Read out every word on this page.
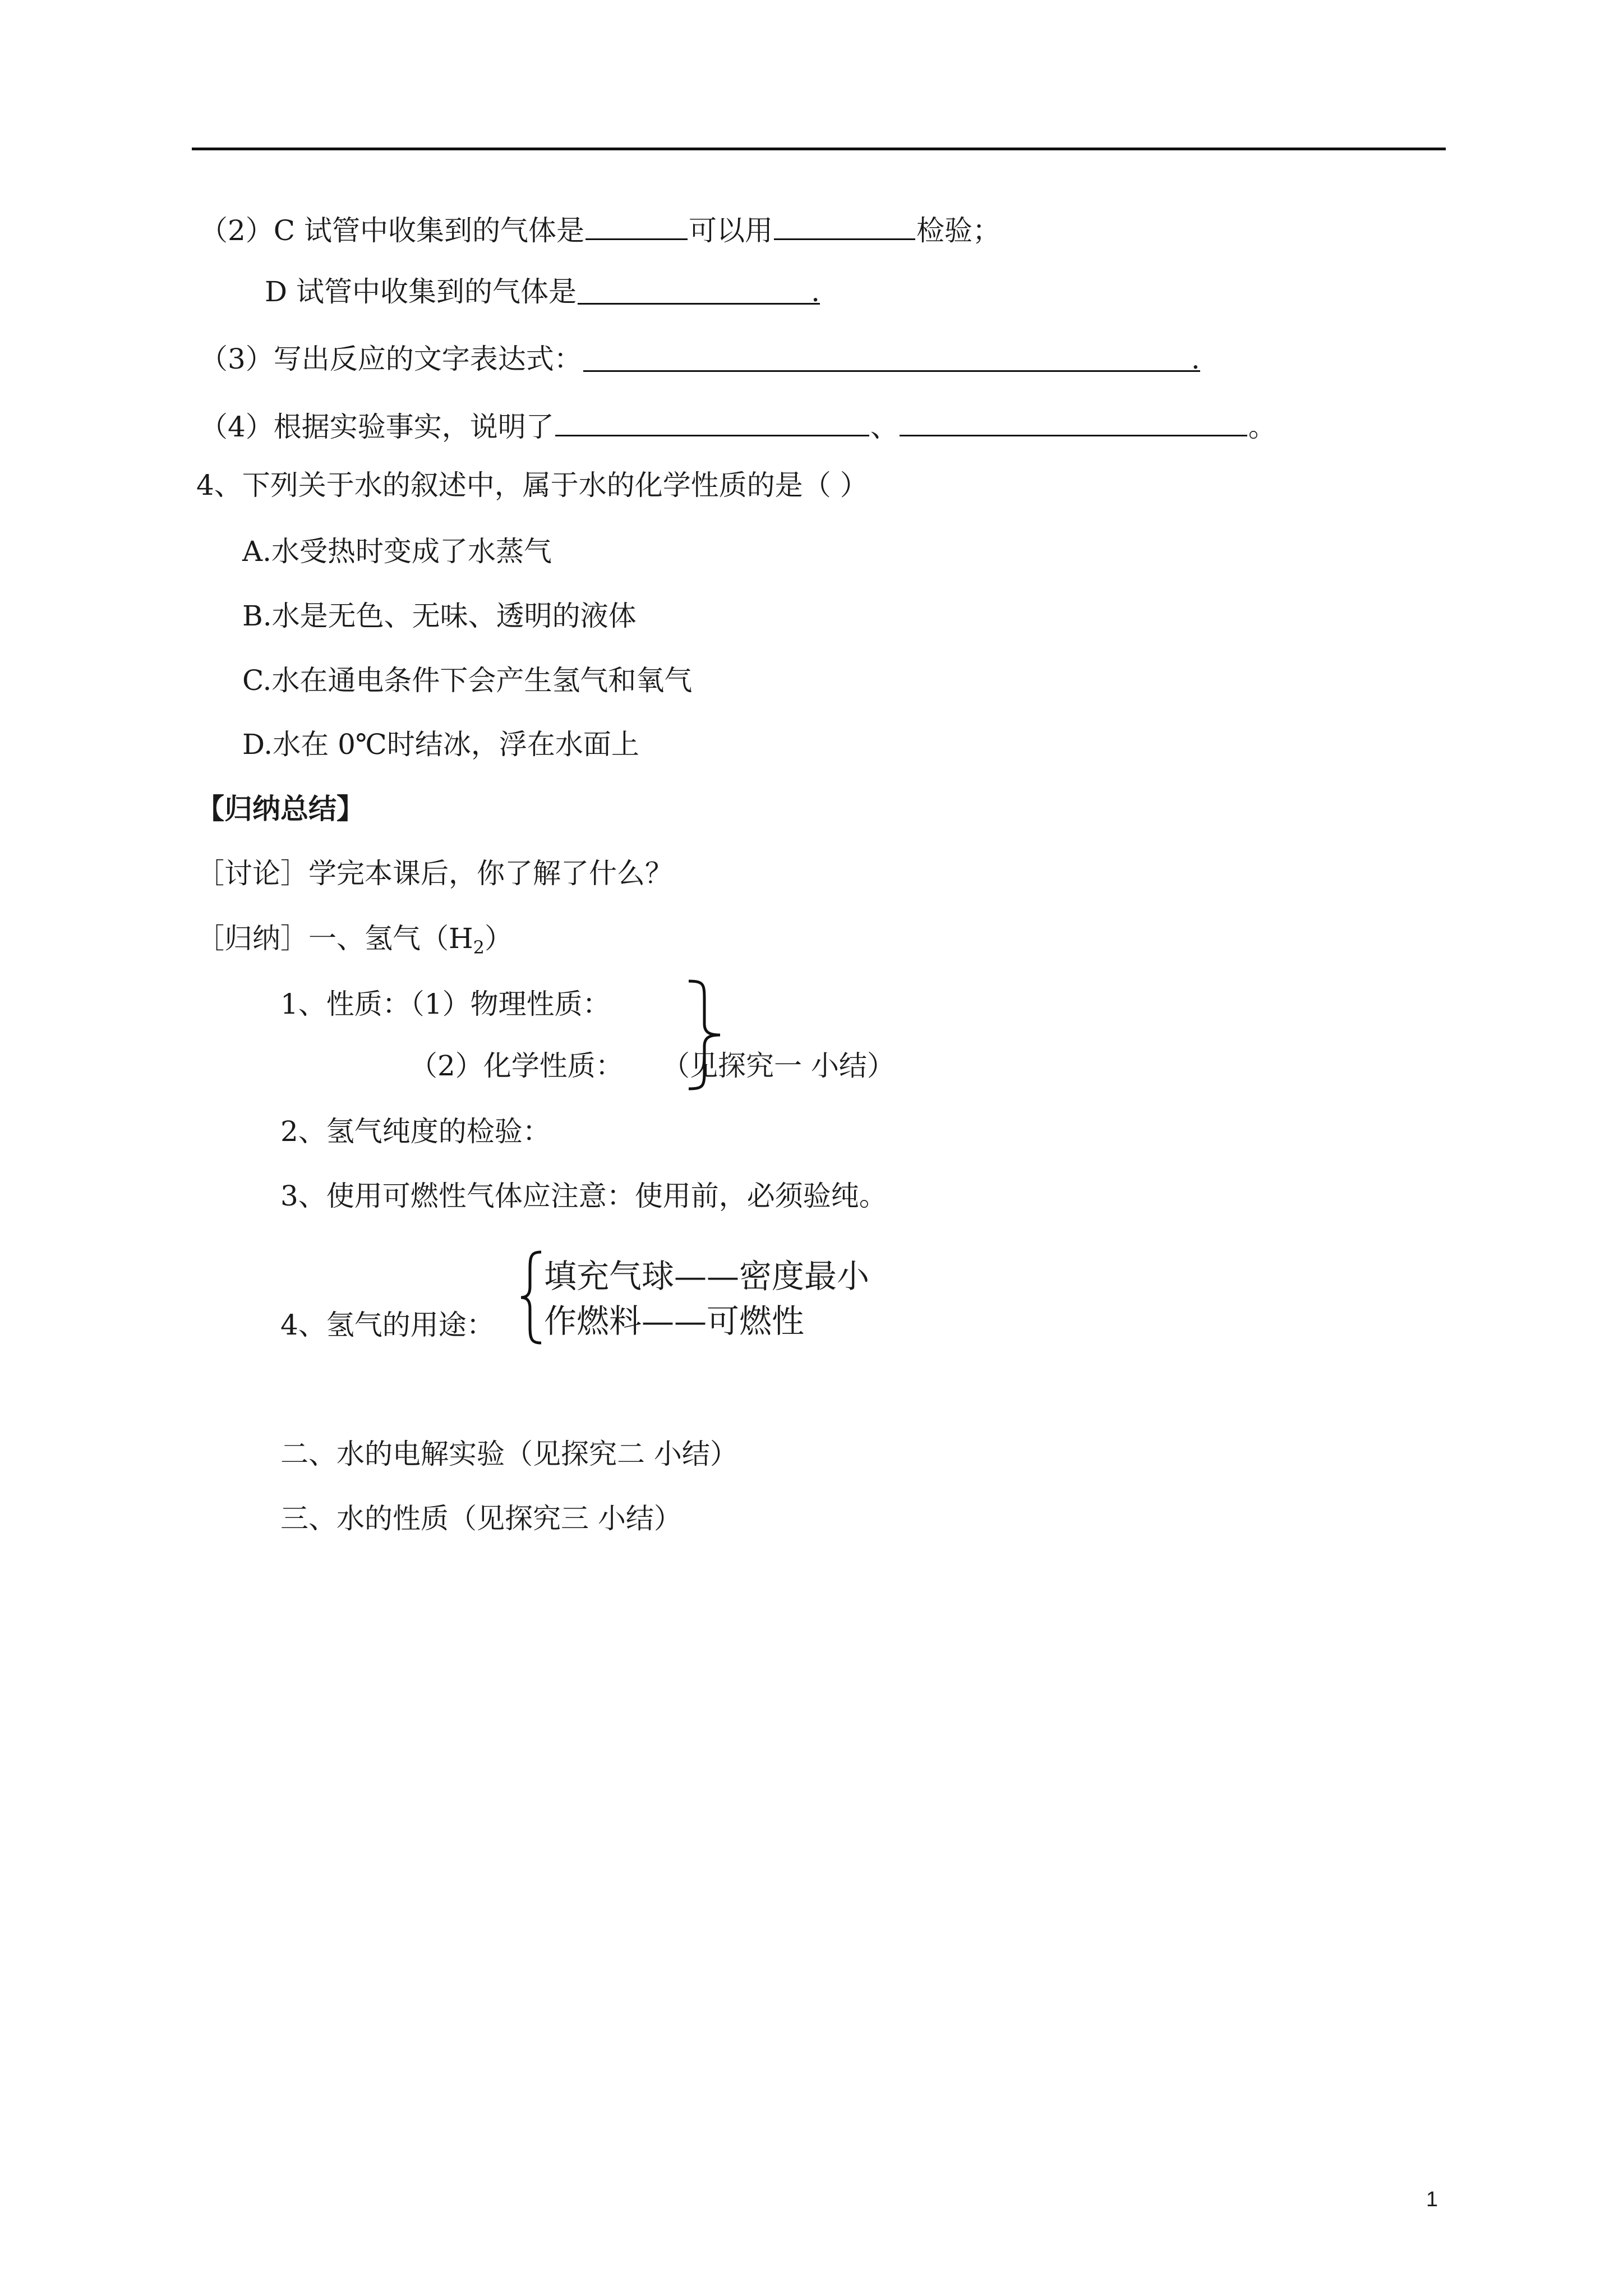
（2）C 试管中收集到的气体是	可以用	检验；
D 试管中收集到的气体是	.
（3）写出反应的文字表达式：	.
（4）根据实验事实，说明了	、	。
4、下列关于水的叙述中，属于水的化学性质的是（ ）
A.水受热时变成了水蒸气
B.水是无色、无味、透明的液体
C.水在通电条件下会产生氢气和氧气
D.水在 0℃时结冰，浮在水面上
【归纳总结】
［讨论］学完本课后，你了解了什么？
［归纳］一、氢气$(H_2)$
1、性质：（1）物理性质：
（2）化学性质： （见探究一 小结）
2、氢气纯度的检验：
3、使用可燃性气体应注意：使用前，必须验纯。
4、氢气的用途：
填充气球——密度最小
作燃料——可燃性
二、水的电解实验（见探究二 小结）
三、水的性质（见探究三 小结）
1
